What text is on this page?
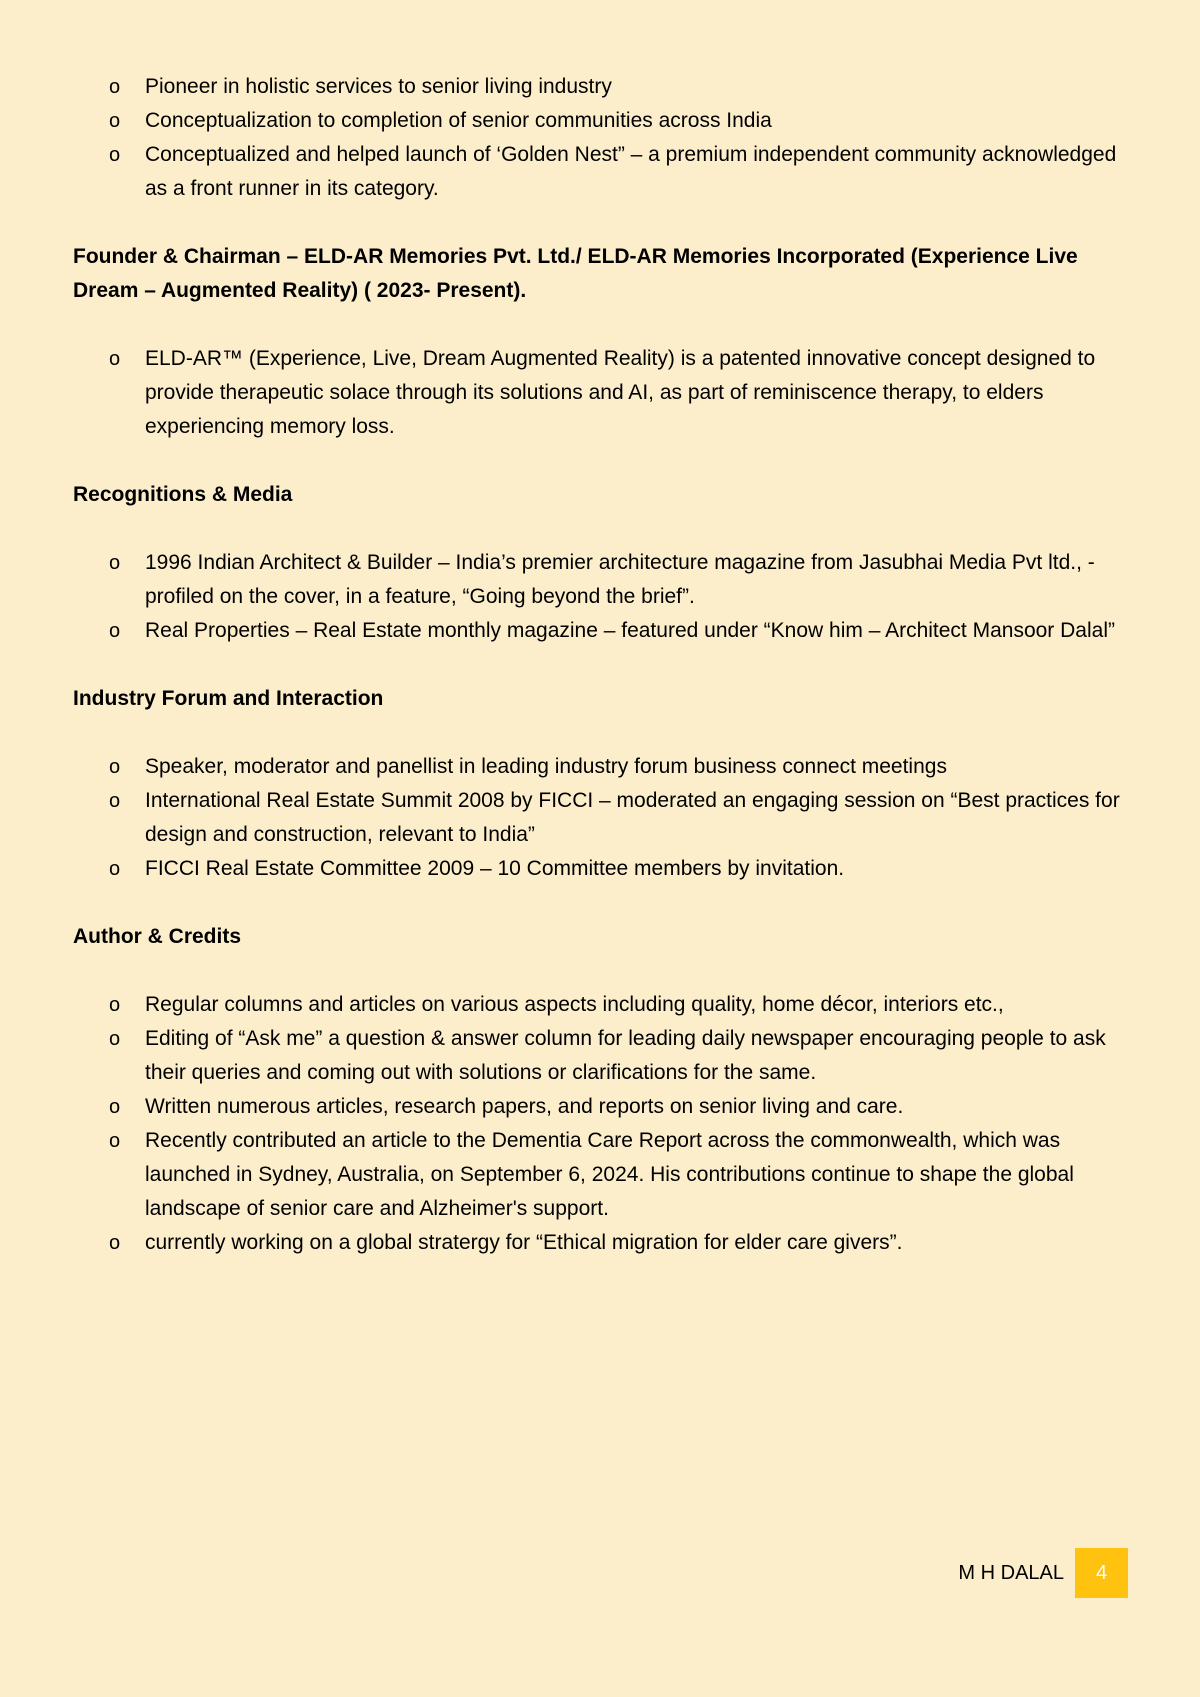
o Pioneer in holistic services to senior living industry
o Conceptualization to completion of senior communities across India
o Conceptualized and helped launch of ‘Golden Nest” – a premium independent community acknowledged as a front runner in its category.

Founder & Chairman – ELD-AR Memories Pvt. Ltd./ ELD-AR Memories Incorporated (Experience Live Dream – Augmented Reality) ( 2023- Present).

o ELD-AR™ (Experience, Live, Dream Augmented Reality) is a patented innovative concept designed to provide therapeutic solace through its solutions and AI, as part of reminiscence therapy, to elders experiencing memory loss.

Recognitions & Media

o 1996 Indian Architect & Builder – India’s premier architecture magazine from Jasubhai Media Pvt ltd., - profiled on the cover, in a feature, “Going beyond the brief”.
o Real Properties – Real Estate monthly magazine – featured under “Know him – Architect Mansoor Dalal”

Industry Forum and Interaction

o Speaker, moderator and panellist in leading industry forum business connect meetings
o International Real Estate Summit 2008 by FICCI – moderated an engaging session on “Best practices for design and construction, relevant to India”
o FICCI Real Estate Committee 2009 – 10 Committee members by invitation.

Author & Credits

o Regular columns and articles on various aspects including quality, home décor, interiors etc.,
o Editing of “Ask me” a question & answer column for leading daily newspaper encouraging people to ask their queries and coming out with solutions or clarifications for the same.
o Written numerous articles, research papers, and reports on senior living and care.
o Recently contributed an article to the Dementia Care Report across the commonwealth, which was launched in Sydney, Australia, on September 6, 2024. His contributions continue to shape the global landscape of senior care and Alzheimer's support.
o currently working on a global stratergy for “Ethical migration for elder care givers”.
M H DALAL	4
